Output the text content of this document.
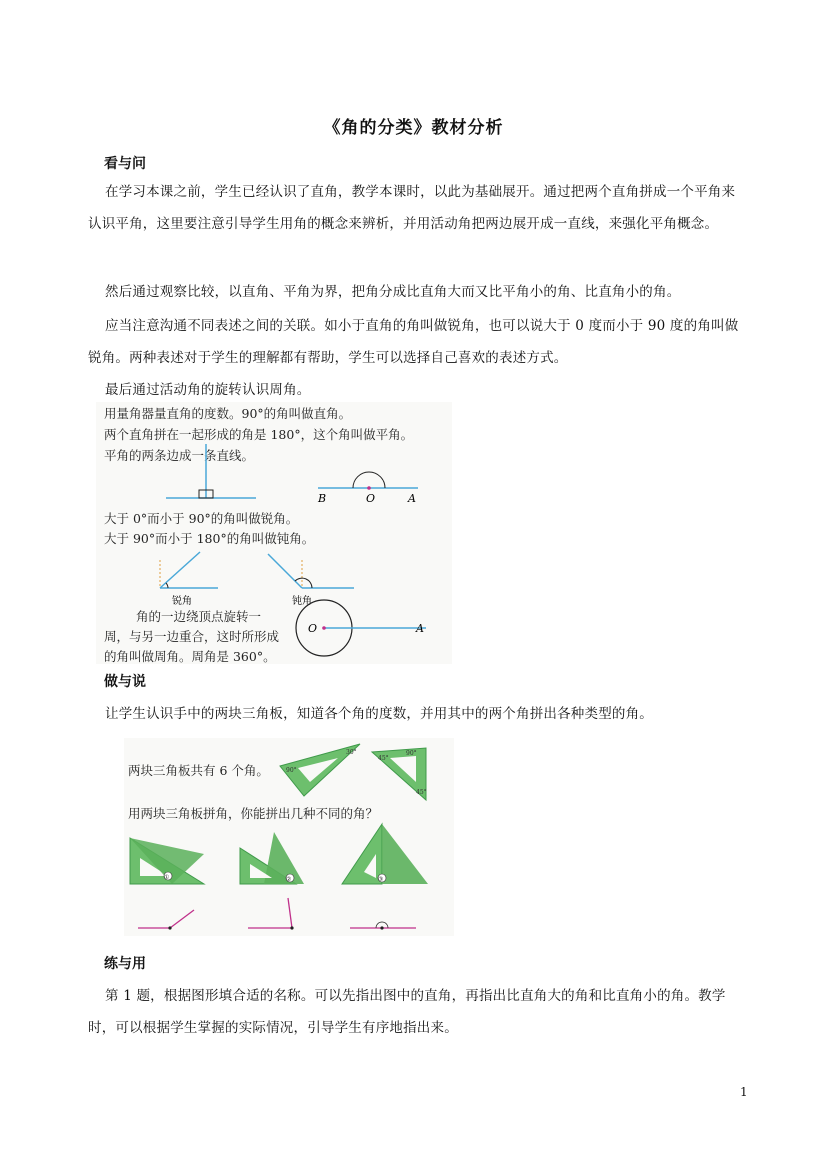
《角的分类》教材分析
看与问
在学习本课之前，学生已经认识了直角，教学本课时，以此为基础展开。通过把两个直角拼成一个平角来认识平角，这里要注意引导学生用角的概念来辨析，并用活动角把两边展开成一直线，来强化平角概念。
然后通过观察比较，以直角、平角为界，把角分成比直角大而又比平角小的角、比直角小的角。
应当注意沟通不同表述之间的关联。如小于直角的角叫做锐角，也可以说大于 0 度而小于 90 度的角叫做锐角。两种表述对于学生的理解都有帮助，学生可以选择自己喜欢的表述方式。
最后通过活动角的旋转认识周角。
用量角器量直角的度数。90°的角叫做直角。
两个直角拼在一起形成的角是 180°，这个角叫做平角。
平角的两条边成一条直线。
B	O	A
大于 0°而小于 90°的角叫做锐角。
大于 90°而小于 180°的角叫做钝角。
锐角	钝角
角的一边绕顶点旋转一
周，与另一边重合，这时所形成
的角叫做周角。周角是 360°。
O	A
做与说
让学生认识手中的两块三角板，知道各个角的度数，并用其中的两个角拼出各种类型的角。
两块三角板共有 6 个角。
用两块三角板拼角，你能拼出几种不同的角？
30°
90°
90°
45°
45°
①	②	③
练与用
第 1 题，根据图形填合适的名称。可以先指出图中的直角，再指出比直角大的角和比直角小的角。教学时，可以根据学生掌握的实际情况，引导学生有序地指出来。
1
